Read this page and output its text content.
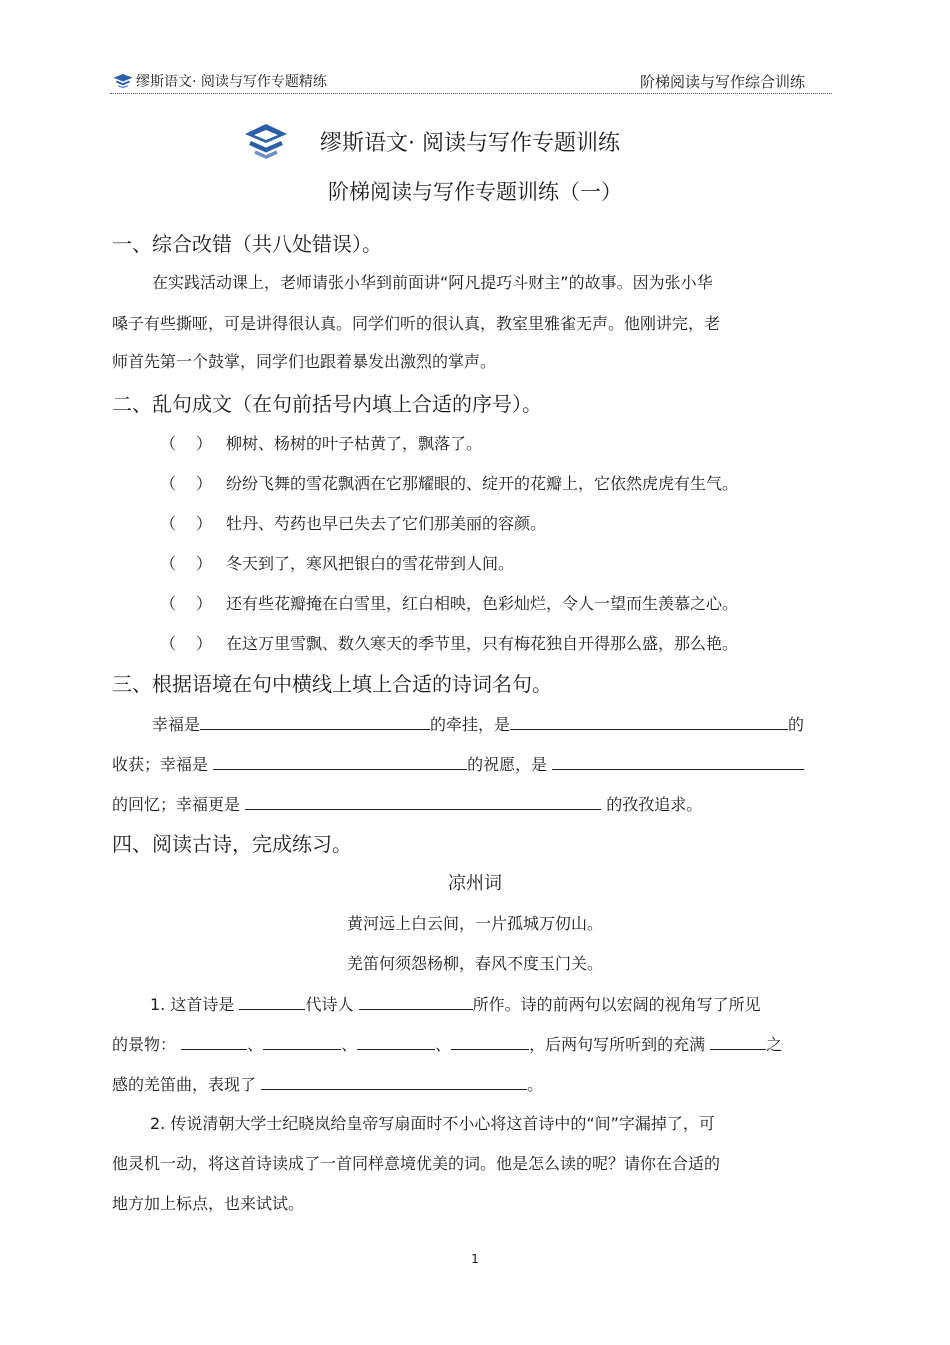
缪斯语文· 阅读与写作专题精练	阶梯阅读与写作综合训练
缪斯语文· 阅读与写作专题训练
阶梯阅读与写作专题训练（一）
一、综合改错（共八处错误）。
在实践活动课上，老师请张小华到前面讲“阿凡提巧斗财主”的故事。因为张小华
嗓子有些撕哑，可是讲得很认真。同学们听的很认真，教室里雅雀无声。他刚讲完，老
师首先第一个鼓掌，同学们也跟着暴发出激烈的掌声。
二、乱句成文（在句前括号内填上合适的序号）。
（ ） 柳树、杨树的叶子枯黄了，飘落了。
（ ） 纷纷飞舞的雪花飘洒在它那耀眼的、绽开的花瓣上，它依然虎虎有生气。
（ ） 牡丹、芍药也早已失去了它们那美丽的容颜。
（ ） 冬天到了，寒风把银白的雪花带到人间。
（ ） 还有些花瓣掩在白雪里，红白相映，色彩灿烂，令人一望而生羡慕之心。
（ ） 在这万里雪飘、数久寒天的季节里，只有梅花独自开得那么盛，那么艳。
三、根据语境在句中横线上填上合适的诗词名句。
幸福是	的牵挂，是	的
收获；幸福是	的祝愿，是
的回忆；幸福更是	的孜孜追求。
四、阅读古诗，完成练习。
凉州词
黄河远上白云间，一片孤城万仞山。
羌笛何须怨杨柳，春风不度玉门关。
1. 这首诗是	代诗人	所作。诗的前两句以宏阔的视角写了所见
的景物：	、	、	、	，后两句写所听到的充满	之
感的羌笛曲，表现了	。
2. 传说清朝大学士纪晓岚给皇帝写扇面时不小心将这首诗中的“间”字漏掉了，可
他灵机一动，将这首诗读成了一首同样意境优美的词。他是怎么读的呢？请你在合适的
地方加上标点，也来试试。
1
